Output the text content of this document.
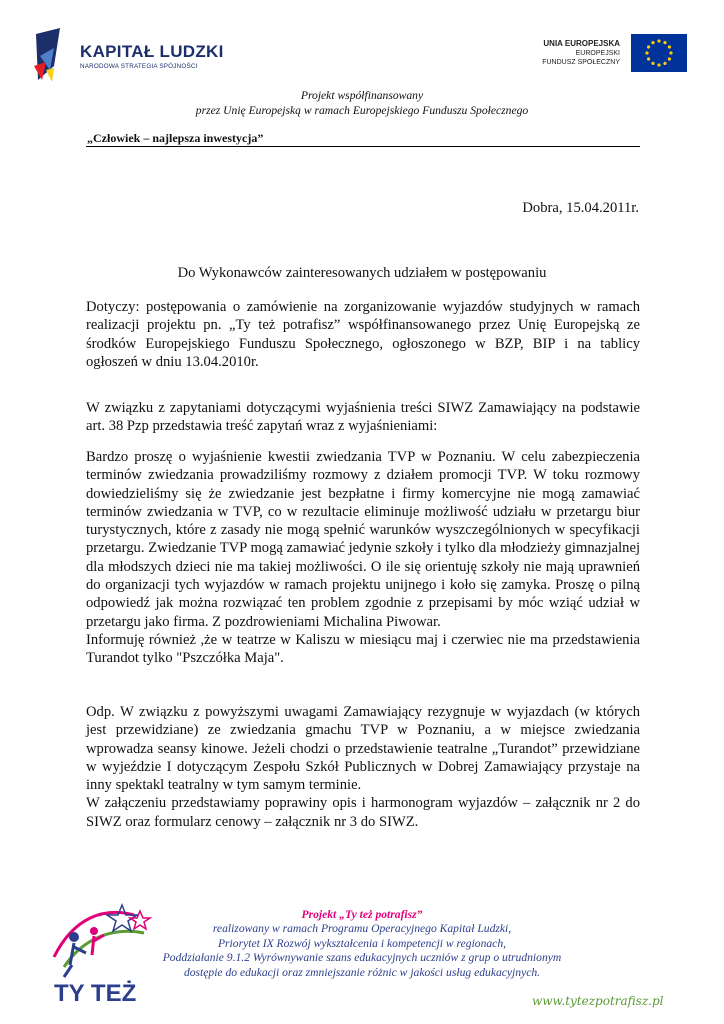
KAPITAŁ LUDZKI
NARODOWA STRATEGIA SPÓJNOŚCI
UNIA EUROPEJSKA
EUROPEJSKI
FUNDUSZ SPOŁECZNY
Projekt współfinansowany
przez Unię Europejską w ramach Europejskiego Funduszu Społecznego
„Człowiek – najlepsza inwestycja”
Dobra, 15.04.2011r.
Do Wykonawców zainteresowanych udziałem w postępowaniu

Dotyczy: postępowania o zamówienie na zorganizowanie wyjazdów studyjnych w ramach realizacji projektu pn. „Ty też potrafisz” współfinansowanego przez Unię Europejską ze środków Europejskiego Funduszu Społecznego, ogłoszonego w BZP, BIP i na tablicy ogłoszeń w dniu 13.04.2010r.

W związku z zapytaniami dotyczącymi wyjaśnienia treści SIWZ Zamawiający na podstawie art. 38 Pzp przedstawia treść zapytań wraz z wyjaśnieniami:

Bardzo proszę o wyjaśnienie kwestii zwiedzania TVP w Poznaniu. W celu zabezpieczenia terminów zwiedzania prowadziliśmy rozmowy z działem promocji TVP. W toku rozmowy dowiedzieliśmy się że zwiedzanie jest bezpłatne i firmy komercyjne nie mogą zamawiać terminów zwiedzania w TVP, co w rezultacie eliminuje możliwość udziału w przetargu biur turystycznych, które z zasady nie mogą spełnić warunków wyszczególnionych w specyfikacji przetargu. Zwiedzanie TVP mogą zamawiać jedynie szkoły i tylko dla młodzieży gimnazjalnej dla młodszych dzieci nie ma takiej możliwości. O ile się orientuję szkoły nie mają uprawnień do organizacji tych wyjazdów w ramach projektu unijnego i koło się zamyka. Proszę o pilną odpowiedź jak można rozwiązać ten problem zgodnie z przepisami by móc wziąć udział w przetargu jako firma. Z pozdrowieniami Michalina Piwowar.

Informuję również ,że w teatrze w Kaliszu w miesiącu maj i czerwiec nie ma przedstawienia Turandot tylko "Pszczółka Maja".

Odp. W związku z powyższymi uwagami Zamawiający rezygnuje w wyjazdach (w których jest przewidziane) ze zwiedzania gmachu TVP w Poznaniu, a w miejsce zwiedzania wprowadza seansy kinowe. Jeżeli chodzi o przedstawienie teatralne „Turandot” przewidziane w wyjeździe I dotyczącym Zespołu Szkół Publicznych w Dobrej Zamawiający przystaje na inny spektakl teatralny w tym samym terminie.

W załączeniu przedstawiamy poprawiny opis i harmonogram wyjazdów – załącznik nr 2 do SIWZ oraz formularz cenowy – załącznik nr 3 do SIWZ.

TY TEŻ
Projekt „Ty też potrafisz”
realizowany w ramach Programu Operacyjnego Kapitał Ludzki,
Priorytet IX Rozwój wykształcenia i kompetencji w regionach,
Poddziałanie 9.1.2 Wyrównywanie szans edukacyjnych uczniów z grup o utrudnionym
dostępie do edukacji oraz zmniejszanie różnic w jakości usług edukacyjnych.
www.tytezpotrafisz.pl
